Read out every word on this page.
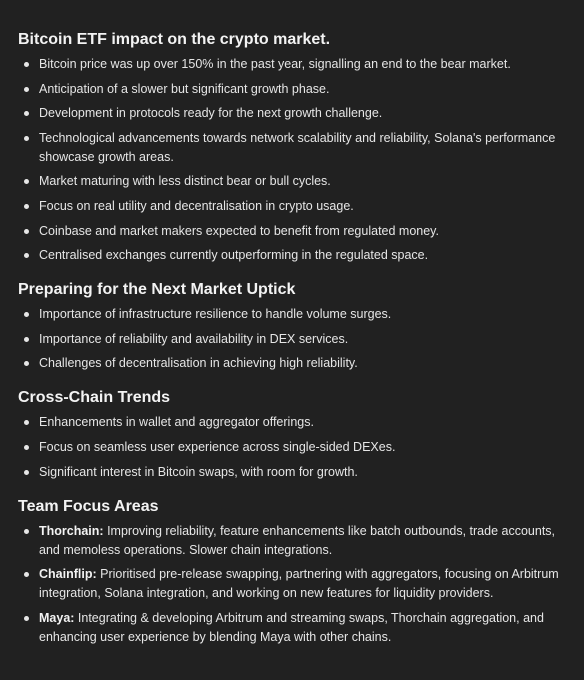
Bitcoin ETF impact on the crypto market.
Bitcoin price was up over 150% in the past year, signalling an end to the bear market.
Anticipation of a slower but significant growth phase.
Development in protocols ready for the next growth challenge.
Technological advancements towards network scalability and reliability, Solana's performance showcase growth areas.
Market maturing with less distinct bear or bull cycles.
Focus on real utility and decentralisation in crypto usage.
Coinbase and market makers expected to benefit from regulated money.
Centralised exchanges currently outperforming in the regulated space.
Preparing for the Next Market Uptick
Importance of infrastructure resilience to handle volume surges.
Importance of reliability and availability in DEX services.
Challenges of decentralisation in achieving high reliability.
Cross-Chain Trends
Enhancements in wallet and aggregator offerings.
Focus on seamless user experience across single-sided DEXes.
Significant interest in Bitcoin swaps, with room for growth.
Team Focus Areas
Thorchain: Improving reliability, feature enhancements like batch outbounds, trade accounts, and memoless operations. Slower chain integrations.
Chainflip: Prioritised pre-release swapping, partnering with aggregators, focusing on Arbitrum integration, Solana integration, and working on new features for liquidity providers.
Maya: Integrating & developing Arbitrum and streaming swaps, Thorchain aggregation, and enhancing user experience by blending Maya with other chains.
